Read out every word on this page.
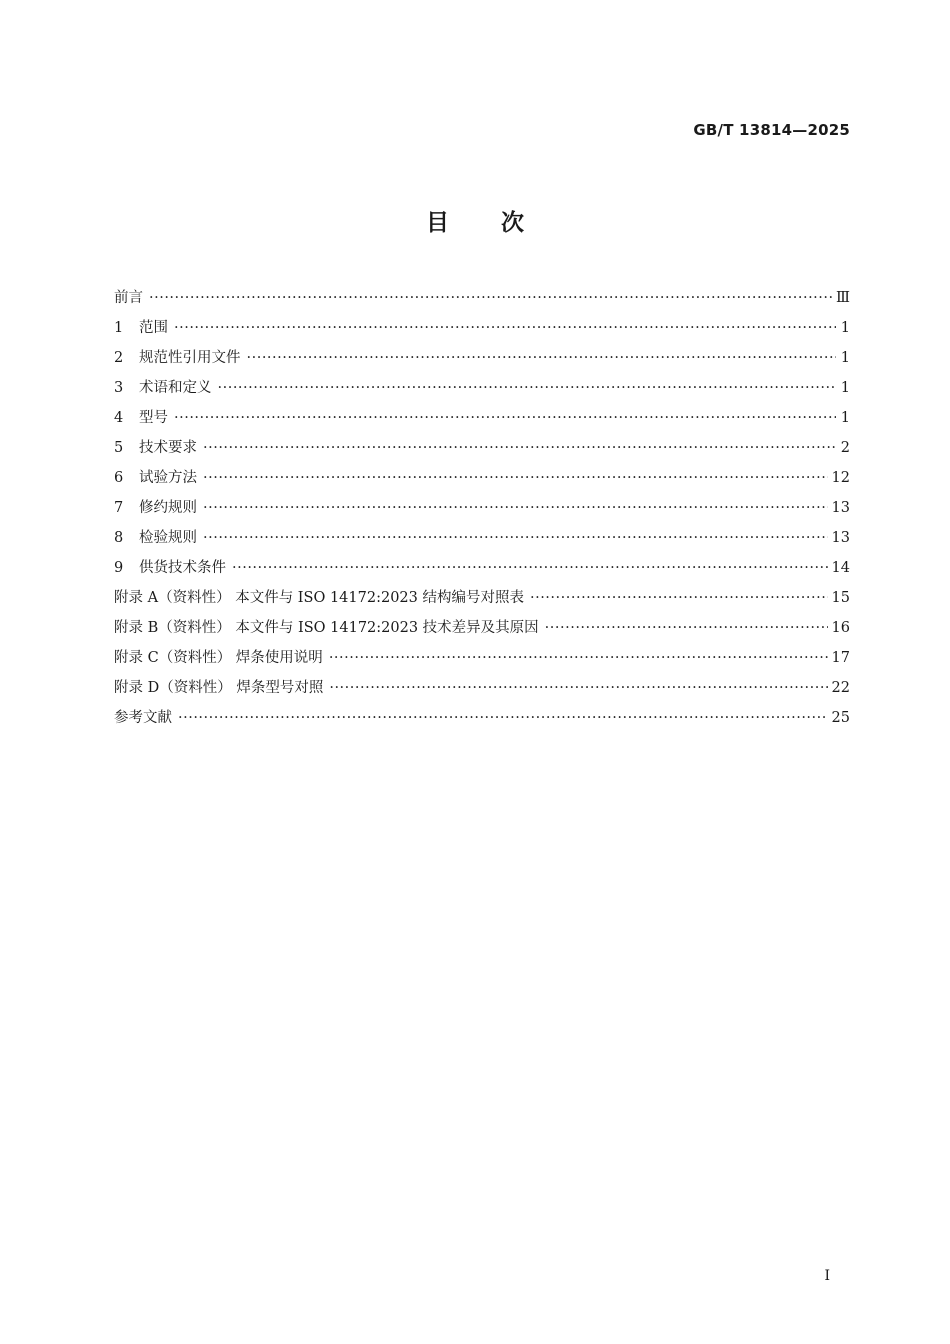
GB/T 13814—2025
目次
前言 ·····	Ⅲ
1	范围 ·····	1
2	规范性引用文件 ·····	1
3	术语和定义 ·····	1
4	型号 ·····	1
5	技术要求 ·····	2
6	试验方法 ·····	12
7	修约规则 ·····	13
8	检验规则 ·····	13
9	供货技术条件 ·····	14
附录 A（资料性） 本文件与 ISO 14172:2023 结构编号对照表 ·····	15
附录 B（资料性） 本文件与 ISO 14172:2023 技术差异及其原因 ·····	16
附录 C（资料性） 焊条使用说明 ·····	17
附录 D（资料性） 焊条型号对照 ·····	22
参考文献 ·····	25
I
